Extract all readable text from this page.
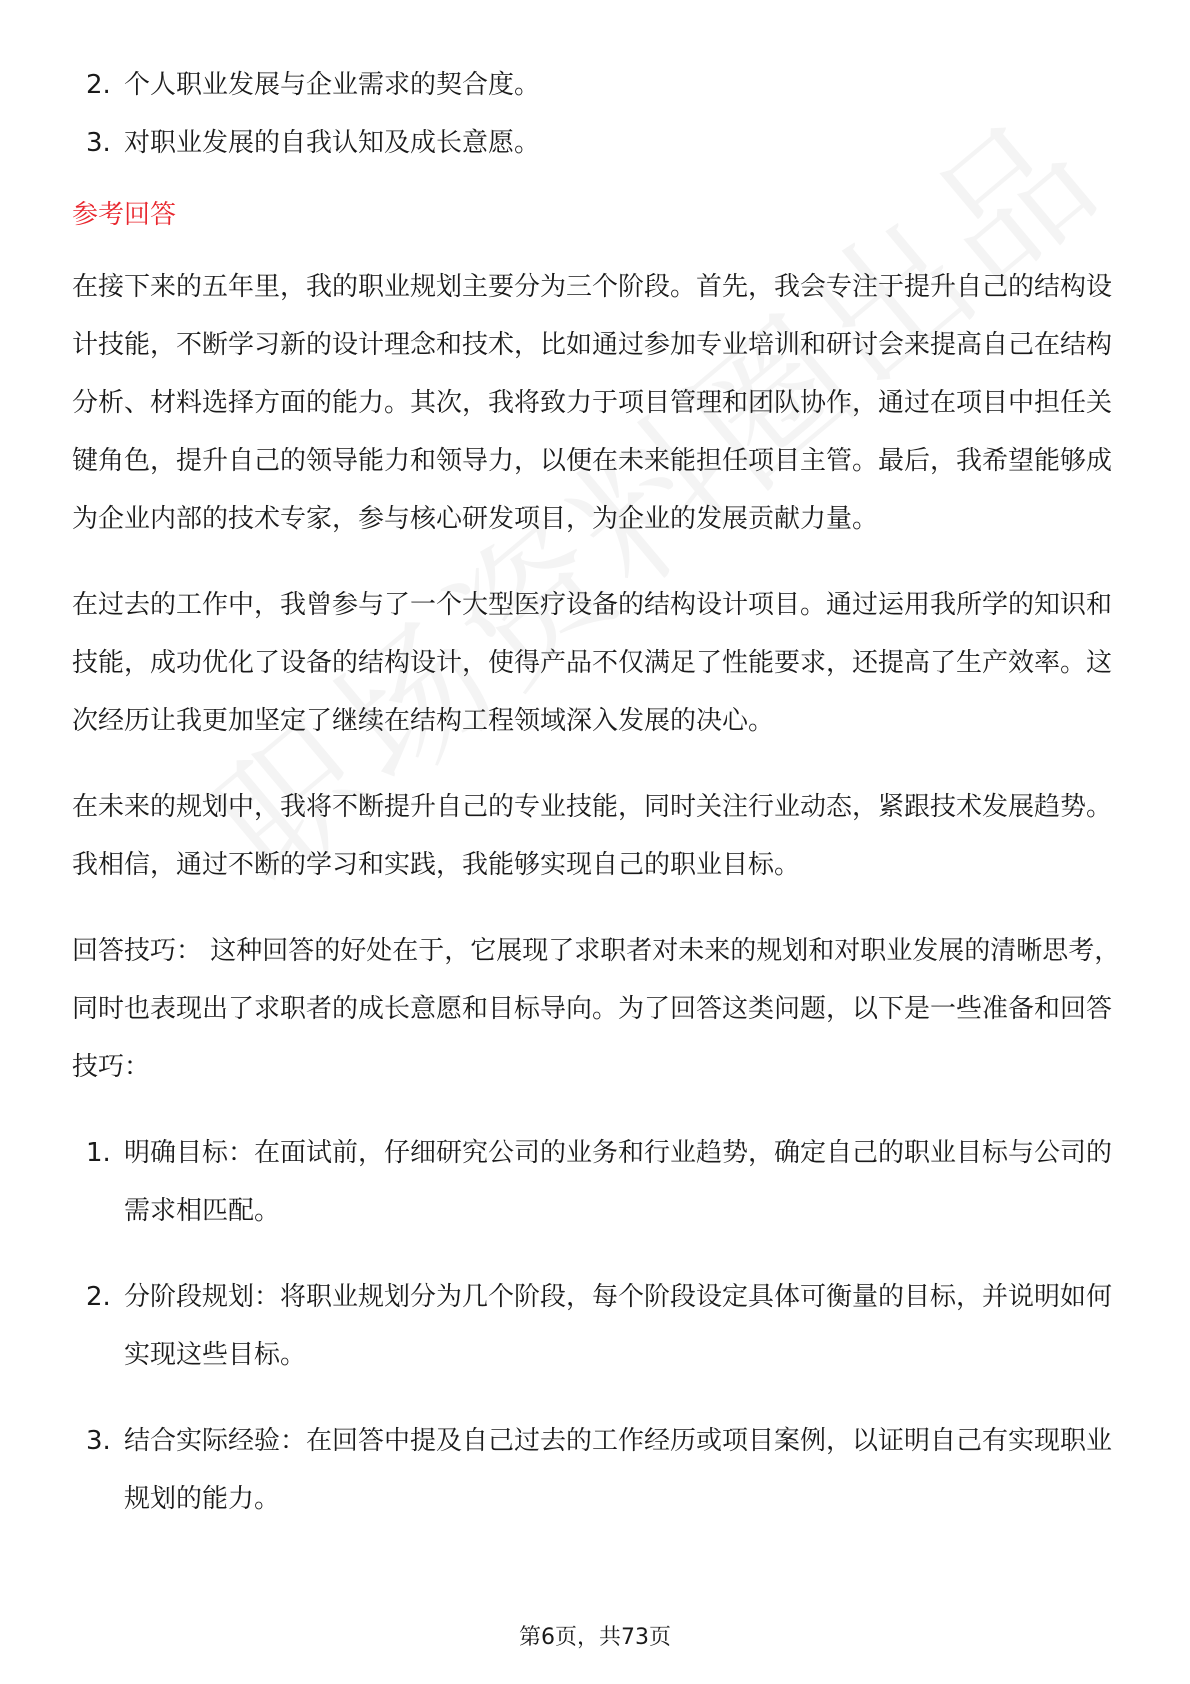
2. 个人职业发展与企业需求的契合度。
3. 对职业发展的自我认知及成长意愿。
参考回答

在接下来的五年里，我的职业规划主要分为三个阶段。首先，我会专注于提升自己的结构设计技能，不断学习新的设计理念和技术，比如通过参加专业培训和研讨会来提高自己在结构分析、材料选择方面的能力。其次，我将致力于项目管理和团队协作，通过在项目中担任关键角色，提升自己的领导能力和领导力，以便在未来能担任项目主管。最后，我希望能够成为企业内部的技术专家，参与核心研发项目，为企业的发展贡献力量。

在过去的工作中，我曾参与了一个大型医疗设备的结构设计项目。通过运用我所学的知识和技能，成功优化了设备的结构设计，使得产品不仅满足了性能要求，还提高了生产效率。这次经历让我更加坚定了继续在结构工程领域深入发展的决心。

在未来的规划中，我将不断提升自己的专业技能，同时关注行业动态，紧跟技术发展趋势。我相信，通过不断的学习和实践，我能够实现自己的职业目标。

回答技巧： 这种回答的好处在于，它展现了求职者对未来的规划和对职业发展的清晰思考，同时也表现出了求职者的成长意愿和目标导向。为了回答这类问题，以下是一些准备和回答技巧：

1. 明确目标：在面试前，仔细研究公司的业务和行业趋势，确定自己的职业目标与公司的需求相匹配。
2. 分阶段规划：将职业规划分为几个阶段，每个阶段设定具体可衡量的目标，并说明如何实现这些目标。
3. 结合实际经验：在回答中提及自己过去的工作经历或项目案例，以证明自己有实现职业规划的能力。
第6页，共73页
